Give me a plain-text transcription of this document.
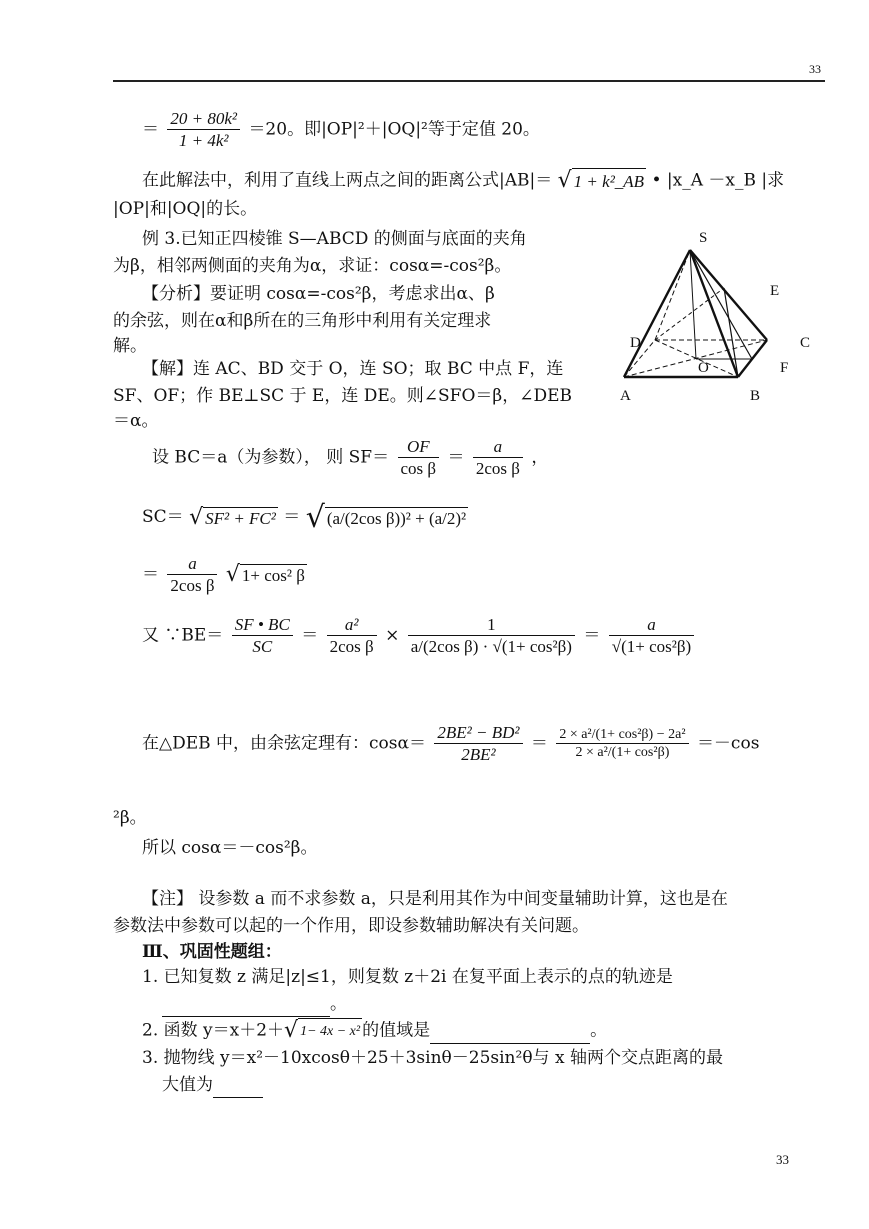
33
＝ $\frac{\text{20 + 80k²}}{\text{1 + 4k²}} =20$。即|OP|²＋|OQ|²等于定值 20。
在此解法中，利用了直线上两点之间的距离公式|AB|＝ √ 1 + k²_AB • |x_A －x_B |求
|OP|和|OQ|的长。
例 3.已知正四棱锥 S—ABCD 的侧面与底面的夹角
为β，相邻两侧面的夹角为α，求证：cosα=-cos²β。
【分析】要证明 cosα=-cos²β，考虑求出α、β
的余弦，则在α和β所在的三角形中利用有关定理求
解。
【解】连 AC、BD 交于 O，连 SO；取 BC 中点 F，连
SF、OF；作 BE⊥SC 于 E，连 DE。则∠SFO＝β，∠DEB
＝α。
S
E
D	C
O	F
A	B
设 BC＝a（为参数）， 则 $SF= \frac{OF}{\text{cos β}} = \frac{a}{\text{2cos β}}$ ，
SC＝ √ SF² + FC² ＝ √ (a/(2cos β))² + (a/2)²
＝ $\frac{a}{\text{2cos β}}$ √ 1+ cos² β
又 ∵BE＝ $\frac{SF • BC}{SC} = \frac{\text{a²}}{\text{2cos β}} \times \frac{1}{\text{a/(2cos β) · √(1+ cos²β)}} = \frac{a}{\text{√(1+ cos²β)}}$
在△DEB 中，由余弦定理有：$\cos\alpha= \frac{\text{2BE² − BD²}}{\text{2BE²}} = \frac{\text{2 × a²/(1+ cos²β) − 2a²}}{\text{2 × a²/(1+ cos²β)}} =-\cos$
²β。
所以 cosα＝－cos²β。
【注】 设参数 a 而不求参数 a，只是利用其作为中间变量辅助计算，这也是在
参数法中参数可以起的一个作用，即设参数辅助解决有关问题。
Ⅲ、巩固性题组：
1. 已知复数 z 满足|z|≤1，则复数 z＋2i 在复平面上表示的点的轨迹是
。
2. 函数 y＝x＋2＋√ 1− 4x − x² 的值域是	。
3. 抛物线 y＝x²－10xcosθ＋25＋3sinθ－25sin²θ与 x 轴两个交点距离的最
大值为
33
